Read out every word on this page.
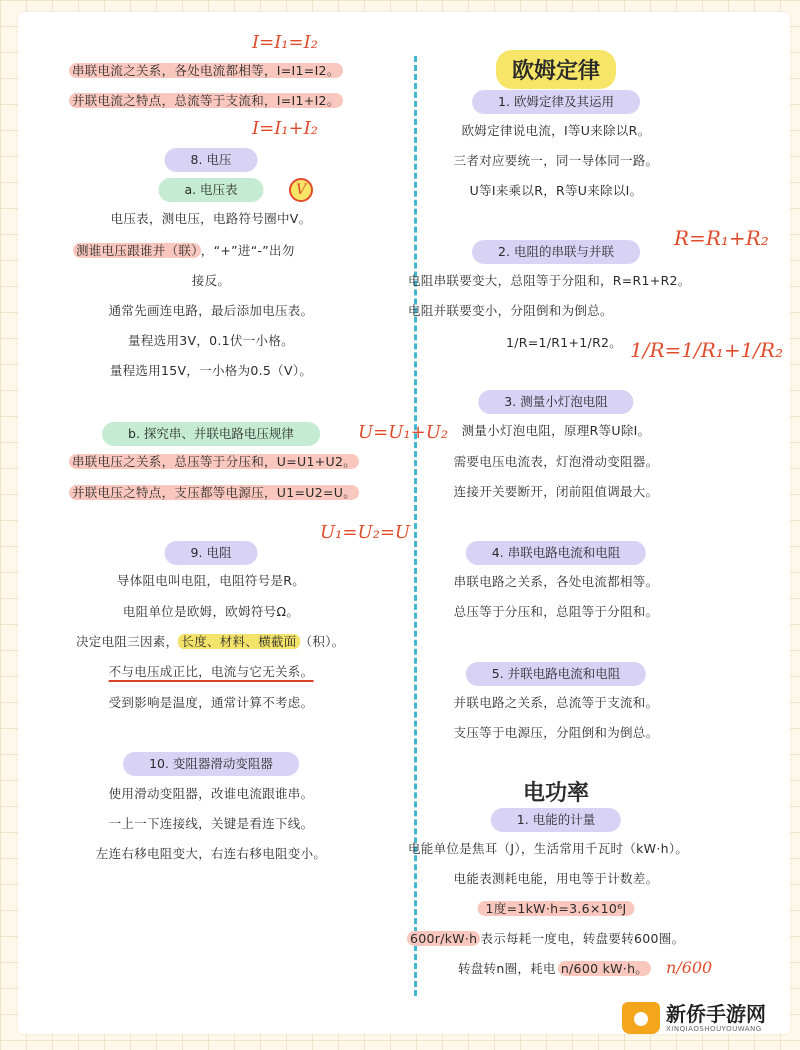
串联电流之关系，各处电流都相等，I=I1=I2。
并联电流之特点，总流等于支流和，I=I1+I2。
8. 电压
a. 电压表
电压表，测电压，电路符号圈中V。
测谁电压跟谁并（联） ，“+”进“-”出勿
接反。
通常先画连电路，最后添加电压表。
量程选用3V，0.1伏一小格。
量程选用15V，一小格为0.5（V）。
b. 探究串、并联电路电压规律
串联电压之关系，总压等于分压和，U=U1+U2。
并联电压之特点，支压都等电源压，U1=U2=U。
9. 电阻
导体阻电叫电阻，电阻符号是R。
电阻单位是欧姆，欧姆符号Ω。
决定电阻三因素， 长度、材料、横截面 （积）。
不与电压成正比，电流与它无关系。
受到影响是温度，通常计算不考虑。
10. 变阻器滑动变阻器
使用滑动变阻器，改谁电流跟谁串。
一上一下连接线，关键是看连下线。
左连右移电阻变大，右连右移电阻变小。
I=I₁=I₂
I=I₁+I₂
V
U=U₁+U₂
U₁=U₂=U
欧姆定律
1. 欧姆定律及其运用
欧姆定律说电流，I等U来除以R。
三者对应要统一，同一导体同一路。
U等I来乘以R，R等U来除以I。
2. 电阻的串联与并联
电阻串联要变大，总阻等于分阻和，R=R1+R2。
电阻并联要变小，分阻倒和为倒总。
1/R=1/R1+1/R2。
3. 测量小灯泡电阻
测量小灯泡电阻，原理R等U除I。
需要电压电流表，灯泡滑动变阻器。
连接开关要断开，闭前阻值调最大。
4. 串联电路电流和电阻
串联电路之关系，各处电流都相等。
总压等于分压和，总阻等于分阻和。
5. 并联电路电流和电阻
并联电路之关系，总流等于支流和。
支压等于电源压，分阻倒和为倒总。
电功率
1. 电能的计量
电能单位是焦耳（J），生活常用千瓦时（kW·h）。
电能表测耗电能，用电等于计数差。
1度=1kW·h=3.6×10⁶J
600r/kW·h 表示每耗一度电，转盘要转600圈。
转盘转n圈，耗电 n/600 kW·h。
R=R₁+R₂
1/R=1/R₁+1/R₂
n/600
新侨手游网
XINQIAOSHOUYOUWANG
